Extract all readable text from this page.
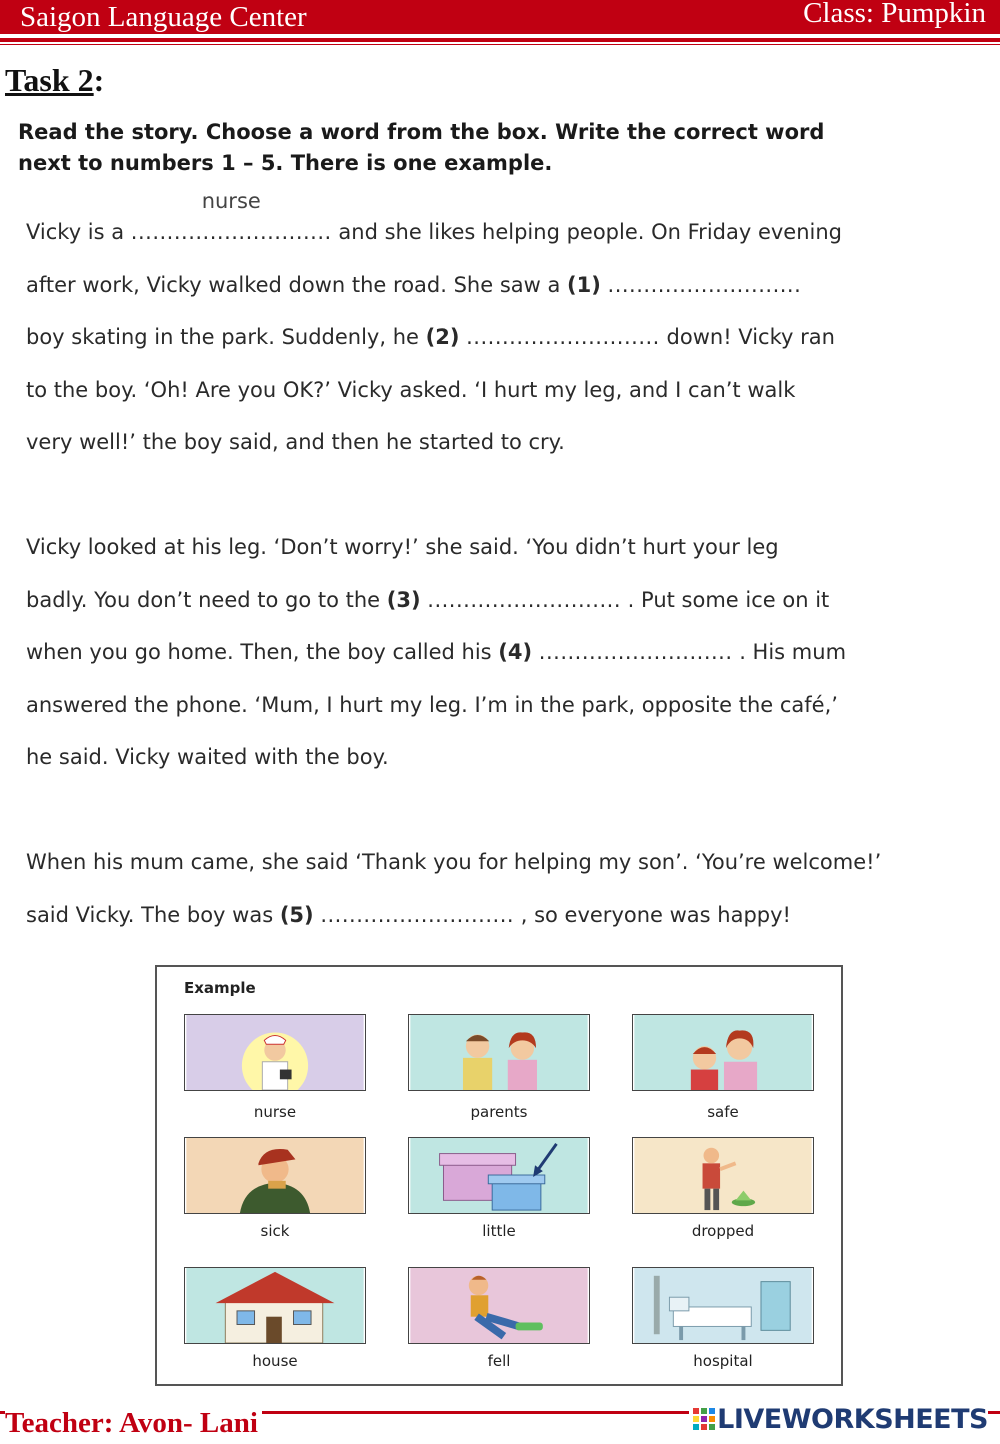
Saigon Language Center	Class: Pumpkin
Task 2:
Read the story. Choose a word from the box. Write the correct word
next to numbers 1 – 5. There is one example.
Vicky is a ............................
nurse
and she likes helping people. On Friday evening
after work, Vicky walked down the road. She saw a (1) ...........................
boy skating in the park. Suddenly, he (2) ........................... down! Vicky ran
to the boy. ‘Oh! Are you OK?’ Vicky asked. ‘I hurt my leg, and I can’t walk
very well!’ the boy said, and then he started to cry.
Vicky looked at his leg. ‘Don’t worry!’ she said. ‘You didn’t hurt your leg
badly. You don’t need to go to the (3) ........................... . Put some ice on it
when you go home. Then, the boy called his (4) ........................... . His mum
answered the phone. ‘Mum, I hurt my leg. I’m in the park, opposite the café,’
he said. Vicky waited with the boy.
When his mum came, she said ‘Thank you for helping my son’. ‘You’re welcome!’
said Vicky. The boy was (5) ........................... , so everyone was happy!
Example
nurse	parents	safe
sick	little	dropped
house	fell	hospital
Teacher: Avon- Lani	LIVEWORKSHEETS
